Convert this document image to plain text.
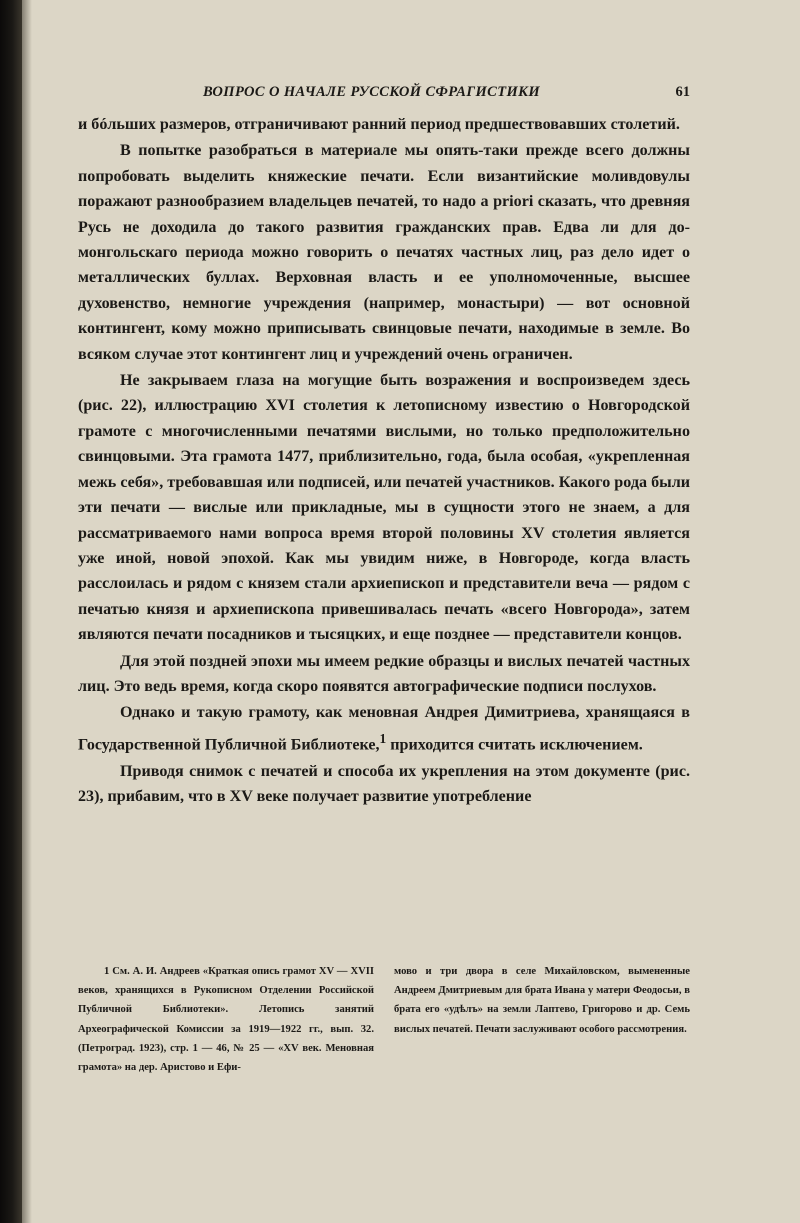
ВОПРОС О НАЧАЛЕ РУССКОЙ СФРАГИСТИКИ	61

и бóльших размеров, отграничивают ранний период предшествовавших столетий.

В попытке разобраться в материале мы опять-таки прежде всего должны попробовать выделить княжеские печати. Если византийские моливдовулы поражают разнообразием владельцев печатей, то надо a priori сказать, что древняя Русь не доходила до такого развития гражданских прав. Едва ли для до-монгольскаго периода можно говорить о печатях частных лиц, раз дело идет о металлических буллах. Верховная власть и ее уполномоченные, высшее духовенство, немногие учреждения (например, монастыри) — вот основной контингент, кому можно приписывать свинцовые печати, находимые в земле. Во всяком случае этот контингент лиц и учреждений очень ограничен.

Не закрываем глаза на могущие быть возражения и воспроизведем здесь (рис. 22), иллюстрацию XVI столетия к летописному известию о Новгородской грамоте с многочисленными печатями вислыми, но только предположительно свинцовыми. Эта грамота 1477, приблизительно, года, была особая, «укрепленная межь себя», требовавшая или подписей, или печатей участников. Какого рода были эти печати — вислые или прикладные, мы в сущности этого не знаем, а для рассматриваемого нами вопроса время второй половины XV столетия является уже иной, новой эпохой. Как мы увидим ниже, в Новгороде, когда власть расслоилась и рядом с князем стали архиепископ и представители веча — рядом с печатью князя и архиепископа привешивалась печать «всего Новгорода», затем являются печати посадников и тысяцких, и еще позднее — представители концов.

Для этой поздней эпохи мы имеем редкие образцы и вислых печатей частных лиц. Это ведь время, когда скоро появятся автографические подписи послухов.

Однако и такую грамоту, как меновная Андрея Димитриева, хранящаяся в Государственной Публичной Библиотеке,$^1$ приходится считать исключением.

Приводя снимок с печатей и способа их укрепления на этом документе (рис. 23), прибавим, что в XV веке получает развитие употребление

1 См. А. И. Андреев «Краткая опись грамот XV — XVII веков, хранящихся в Рукописном Отделении Российской Публичной Библиотеки». Летопись занятий Археографической Комиссии за 1919—1922 гг., вып. 32. (Петроград. 1923), стр. 1 — 46, № 25 — «XV век. Меновная грамота» на дер. Аристово и Ефи-
мово и три двора в селе Михайловском, вымененные Андреем Дмитриевым для брата Ивана у матери Феодосьи, в брата его «удѣлъ» на земли Лаптево, Григорово и др. Семь вислых печатей. Печати заслуживают особого рассмотрения.
